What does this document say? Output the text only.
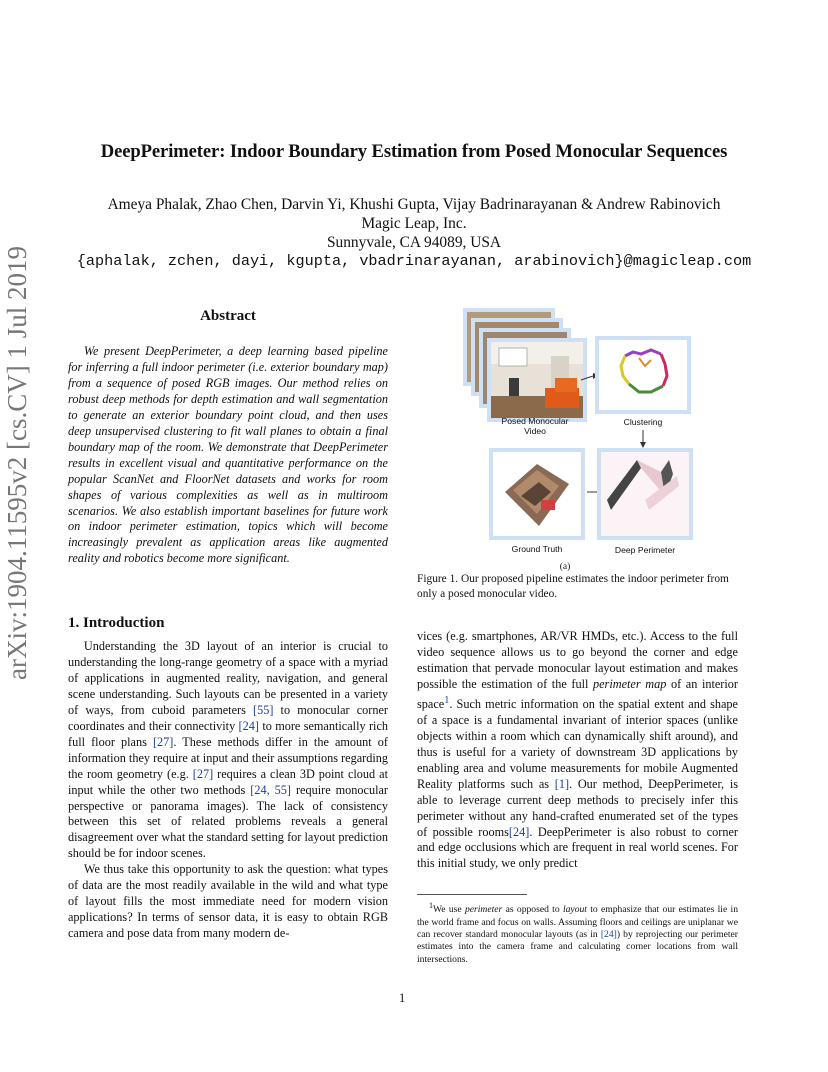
arXiv:1904.11595v2 [cs.CV] 1 Jul 2019
DeepPerimeter: Indoor Boundary Estimation from Posed Monocular Sequences
Ameya Phalak, Zhao Chen, Darvin Yi, Khushi Gupta, Vijay Badrinarayanan & Andrew Rabinovich
Magic Leap, Inc.
Sunnyvale, CA 94089, USA
{aphalak, zchen, dayi, kgupta, vbadrinarayanan, arabinovich}@magicleap.com
Abstract

We present DeepPerimeter, a deep learning based pipeline for inferring a full indoor perimeter (i.e. exterior boundary map) from a sequence of posed RGB images. Our method relies on robust deep methods for depth estimation and wall segmentation to generate an exterior boundary point cloud, and then uses deep unsupervised clustering to fit wall planes to obtain a final boundary map of the room. We demonstrate that DeepPerimeter results in excellent visual and quantitative performance on the popular ScanNet and FloorNet datasets and works for room shapes of various complexities as well as in multiroom scenarios. We also establish important baselines for future work on indoor perimeter estimation, topics which will become increasingly prevalent as application areas like augmented reality and robotics become more significant.

1. Introduction

Understanding the 3D layout of an interior is crucial to understanding the long-range geometry of a space with a myriad of applications in augmented reality, navigation, and general scene understanding. Such layouts can be presented in a variety of ways, from cuboid parameters [55] to monocular corner coordinates and their connectivity [24] to more semantically rich full floor plans [27]. These methods differ in the amount of information they require at input and their assumptions regarding the room geometry (e.g. [27] requires a clean 3D point cloud at input while the other two methods [24, 55] require monocular perspective or panorama images). The lack of consistency between this set of related problems reveals a general disagreement over what the standard setting for layout prediction should be for indoor scenes.

We thus take this opportunity to ask the question: what types of data are the most readily available in the wild and what type of layout fills the most immediate need for modern vision applications? In terms of sensor data, it is easy to obtain RGB camera and pose data from many modern de-

vices (e.g. smartphones, AR/VR HMDs, etc.). Access to the full video sequence allows us to go beyond the corner and edge estimation that pervade monocular layout estimation and makes possible the estimation of the full perimeter map of an interior space$^1$. Such metric information on the spatial extent and shape of a space is a fundamental invariant of interior spaces (unlike objects within a room which can dynamically shift around), and thus is useful for a variety of downstream 3D applications by enabling area and volume measurements for mobile Augmented Reality platforms such as [1]. Our method, DeepPerimeter, is able to leverage current deep methods to precisely infer this perimeter without any hand-crafted enumerated set of the types of possible rooms[24]. DeepPerimeter is also robust to corner and edge occlusions which are frequent in real world scenes. For this initial study, we only predict

$^1$We use perimeter as opposed to layout to emphasize that our estimates lie in the world frame and focus on walls. Assuming floors and ceilings are uniplanar we can recover standard monocular layouts (as in [24]) by reprojecting our perimeter estimates into the camera frame and calculating corner locations from wall intersections.
Posed Monocular Video
Clustering
Ground Truth	Deep Perimeter
(a)
Figure 1. Our proposed pipeline estimates the indoor perimeter from only a posed monocular video.
1
